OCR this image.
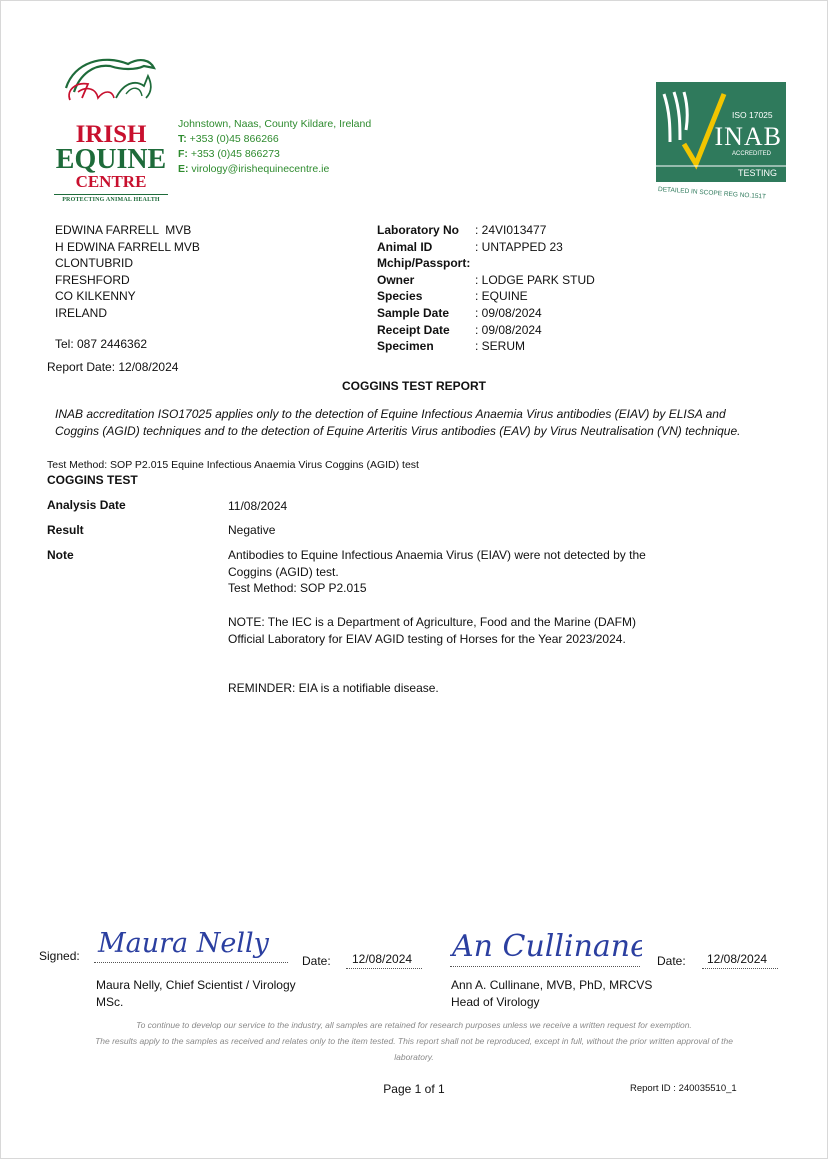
IRISH
EQUINE
CENTRE
PROTECTING ANIMAL HEALTH
Johnstown, Naas, County Kildare, Ireland
T: +353 (0)45 866266
F: +353 (0)45 866273
E: virology@irishequinecentre.ie
ISO 17025
INAB
ACCREDITED
TESTING
DETAILED IN SCOPE REG NO.151T
EDWINA FARRELL  MVB
H EDWINA FARRELL MVB
CLONTUBRID
FRESHFORD
CO KILKENNY
IRELAND
Tel: 087 2446362
Report Date: 12/08/2024
Laboratory No	: 24VI013477
Animal ID	: UNTAPPED 23
Mchip/Passport:
Owner	: LODGE PARK STUD
Species	: EQUINE
Sample Date	: 09/08/2024
Receipt Date	: 09/08/2024
Specimen	: SERUM
COGGINS TEST REPORT
INAB accreditation ISO17025 applies only to the detection of Equine Infectious Anaemia Virus antibodies (EIAV) by ELISA and Coggins (AGID) techniques and to the detection of Equine Arteritis Virus antibodies (EAV) by Virus Neutralisation (VN) technique.
Test Method: SOP P2.015 Equine Infectious Anaemia Virus Coggins (AGID) test
COGGINS TEST
Analysis Date	11/08/2024
Result	Negative
Note	Antibodies to Equine Infectious Anaemia Virus (EIAV) were not detected by the Coggins (AGID) test.
Test Method: SOP P2.015
NOTE: The IEC is a Department of Agriculture, Food and the Marine (DAFM) Official Laboratory for EIAV AGID testing of Horses for the Year 2023/2024.
REMINDER: EIA is a notifiable disease.
Signed: Maura Nelly
Date: 12/08/2024
Maura Nelly, Chief Scientist / Virology
MSc.
An Cullinane Date: 12/08/2024
Ann A. Cullinane, MVB, PhD, MRCVS
Head of Virology
To continue to develop our service to the industry, all samples are retained for research purposes unless we receive a written request for exemption.
The results apply to the samples as received and relates only to the item tested. This report shall not be reproduced, except in full, without the prior written approval of the laboratory.
Page 1 of 1	Report ID : 240035510_1
